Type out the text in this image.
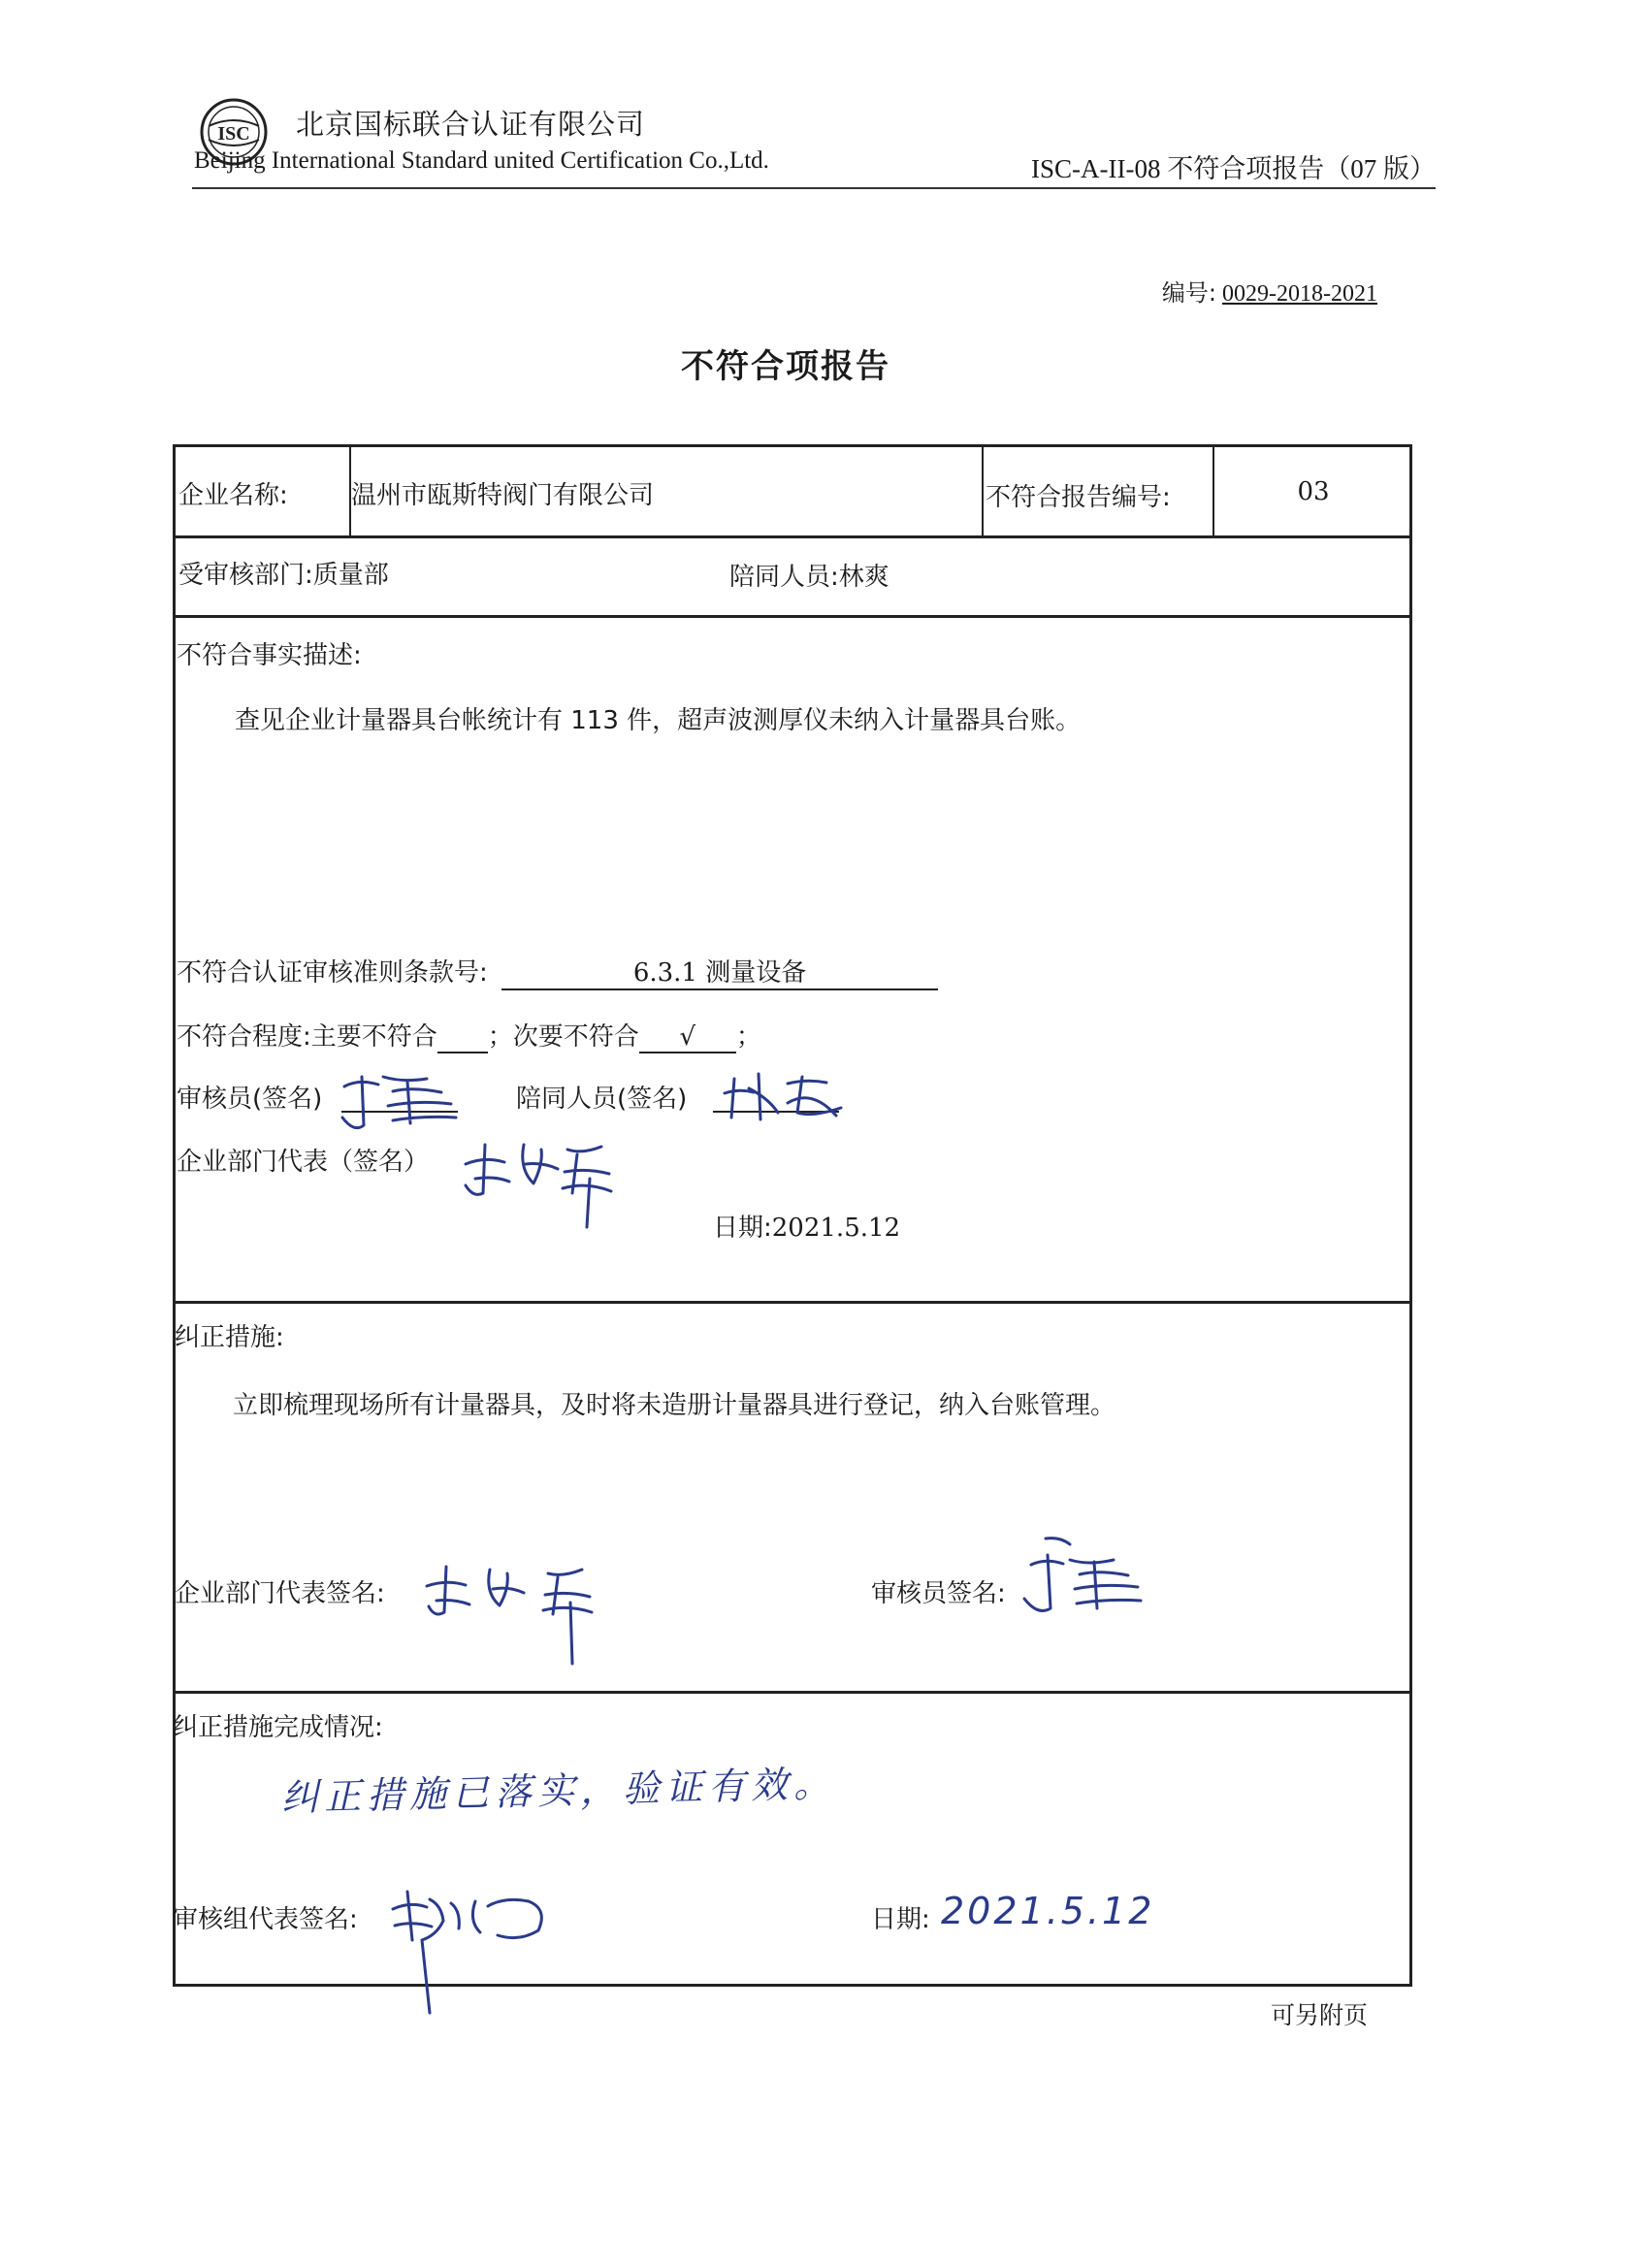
ISC 北京国标联合认证有限公司
Beijing International Standard united Certification Co.,Ltd.	ISC-A-II-08 不符合项报告（07 版）
编号: 0029-2018-2021
不符合项报告
企业名称:	温州市瓯斯特阀门有限公司	不符合报告编号:	03
受审核部门:质量部	陪同人员:林爽
不符合事实描述:
查见企业计量器具台帐统计有 113 件，超声波测厚仪未纳入计量器具台账。
不符合认证审核准则条款号:	6.3.1 测量设备
不符合程度:主要不符合 ；次要不符合 √ ；
审核员(签名)	陪同人员(签名)
企业部门代表（签名）
日期:2021.5.12
纠正措施:
立即梳理现场所有计量器具，及时将未造册计量器具进行登记，纳入台账管理。
企业部门代表签名:	审核员签名:
纠正措施完成情况:
纠正措施已落实，验证有效。
审核组代表签名:	日期: 2021.5.12
可另附页
